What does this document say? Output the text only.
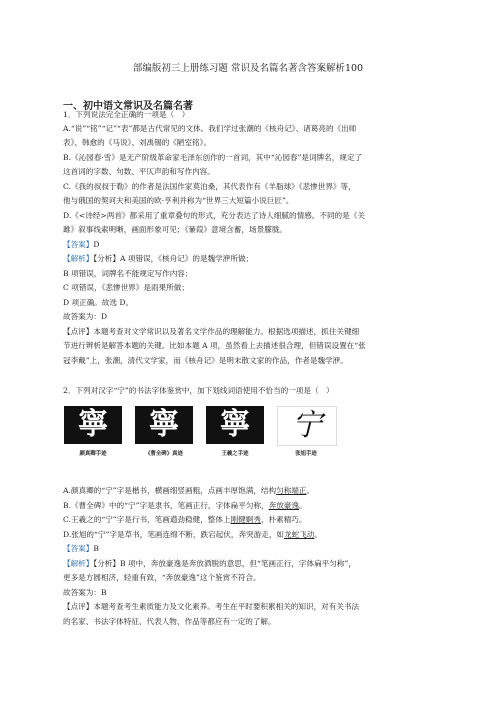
部编版初三上册练习题 常识及名篇名著含答案解析100
一、初中语文常识及名篇名著
1．下列说法完全正确的一项是（　）
A.“说”“铭”“记”“表”都是古代常见的文体。我们学过张潮的《核舟记》、诸葛亮的《出师
表》、韩愈的《马说》、刘禹锡的《陋室铭》。
B.《沁园春·雪》是无产阶级革命家毛泽东创作的一首词，其中“沁园春”是词牌名，规定了
这首词的字数、句数、平仄声韵和写作内容。
C.《我的叔叔于勒》的作者是法国作家莫泊桑，其代表作有《羊脂球》《悲惨世界》等，
他与俄国的契诃夫和美国的欧·亨利并称为“世界三大短篇小说巨匠”。
D.《<诗经>两首》都采用了重章叠句的形式，充分表达了诗人细腻的情感。不同的是《关
雎》叙事线索明晰，画面形象可见；《蒹葭》意境含蓄，场景朦胧。
【答案】D
【解析】【分析】A 项错误，《核舟记》的是魏学洢所做；
B 项错误，词牌名不能规定写作内容；
C 项错误，《悲惨世界》是雨果所做；
D 项正确。故选 D。
故答案为：D
【点评】本题考查对文学常识以及著名文学作品的理解能力。根据选项描述，抓住关键细
节进行辨析是解答本题的关键。比如本题 A 项，虽然看上去描述很合理，但错误设置在“张
冠李戴”上，张潮，清代文学家，而《核舟记》是明末散文家的作品，作者是魏学洢。
2．下列对汉字“宁”的书法字体鉴赏中，加下划线词语使用不恰当的一项是（　）
寧	寧	寧	宁
颜真卿手迹	《曹全碑》真迹	王羲之手迹	张旭手迹
A.颜真卿的“宁”字是楷书，横画细竖画粗，点画丰厚饱满，结构匀称端正。
B.《曹全碑》中的“宁”字是隶书，笔画正行，字体扁平匀称，奔放豪逸。
C.王羲之的“宁”字是行书，笔画遒劲稳健，整体上刚健婀秀，朴素精巧。
D.张旭的“宁”字是草书，笔画连绵不断，跌宕起伏，奔突游走，如龙蛇飞动。
【答案】B
【解析】【分析】B 项中，奔放豪逸是奔放洒脱的意思，但“笔画正行，字体扁平匀称”，
更多是方圆相济，轻重有致，“奔放豪逸”这个鉴赏不符合。
故答案为：B
【点评】本题考查考生素质能力及文化素养。考生在平时要积累相关的知识，对有关书法
的名家、书法字体特征、代表人物、作品等都应有一定的了解。
